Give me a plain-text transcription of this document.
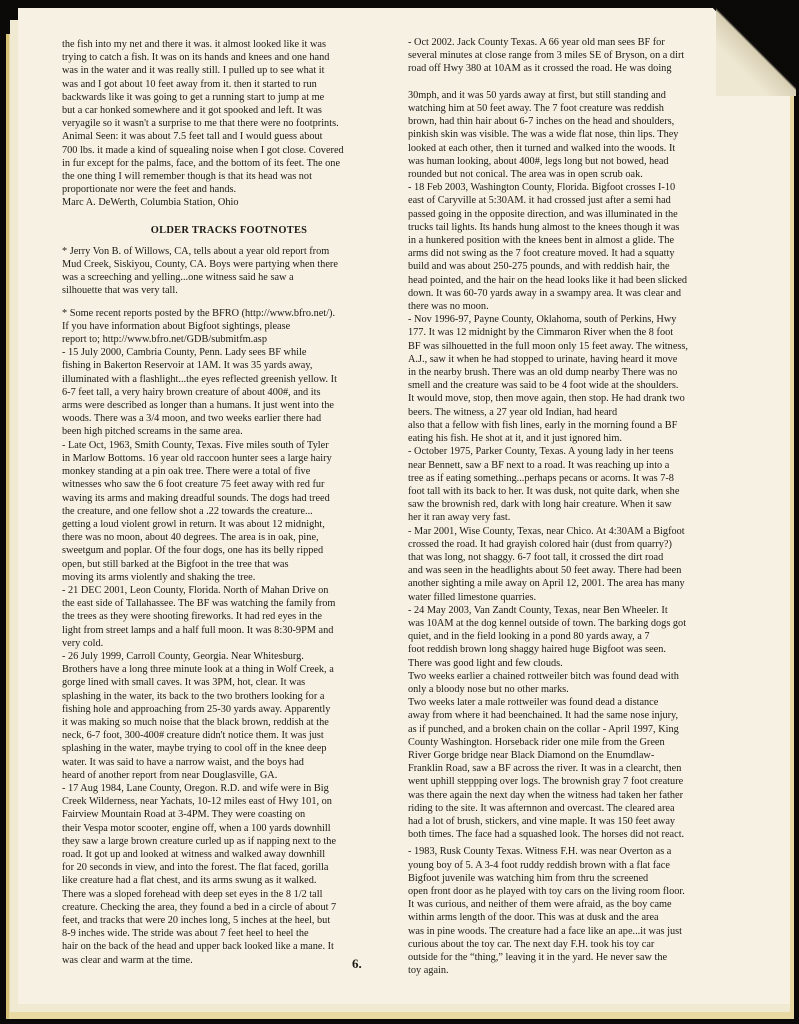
the fish into my net and there it was. it almost looked like it was
trying to catch a fish. It was on its hands and knees and one hand
was in the water and it was really still. I pulled up to see what it
was and I got about 10 feet away from it. then it started to run
backwards like it was going to get a running start to jump at me
but a car honked somewhere and it got spooked and left. It was
veryagile so it wasn't a surprise to me that there were no footprints.
Animal Seen: it was about 7.5 feet tall and I would guess about
700 lbs. it made a kind of squealing noise when I got close. Covered
in fur except for the palms, face, and the bottom of its feet. The one
the one thing I will remember though is that its head was not
proportionate nor were the feet and hands.
Marc A. DeWerth, Columbia Station, Ohio

OLDER TRACKS FOOTNOTES

* Jerry Von B. of Willows, CA, tells about a year old report from
Mud Creek, Siskiyou, County, CA. Boys were partying when there
was a screeching and yelling...one witness said he saw a
silhouette that was very tall.

* Some recent reports posted by the BFRO (http://www.bfro.net/).
If you have information about Bigfoot sightings, please
report to; http://www.bfro.net/GDB/submitfm.asp
- 15 July 2000, Cambria County, Penn. Lady sees BF while
fishing in Bakerton Reservoir at 1AM. It was 35 yards away,
illuminated with a flashlight...the eyes reflected greenish yellow. It
6-7 feet tall, a very hairy brown creature of about 400#, and its
arms were described as longer than a humans. It just went into the
woods. There was a 3/4 moon, and two weeks earlier there had
been high pitched screams in the same area.
- Late Oct, 1963, Smith County, Texas. Five miles south of Tyler
in Marlow Bottoms. 16 year old raccoon hunter sees a large hairy
monkey standing at a pin oak tree. There were a total of five
witnesses who saw the 6 foot creature 75 feet away with red fur
waving its arms and making dreadful sounds. The dogs had treed
the creature, and one fellow shot a .22 towards the creature...
getting a loud violent growl in return. It was about 12 midnight,
there was no moon, about 40 degrees. The area is in oak, pine,
sweetgum and poplar. Of the four dogs, one has its belly ripped
open, but still barked at the Bigfoot in the tree that was
moving its arms violently and shaking the tree.
- 21 DEC 2001, Leon County, Florida. North of Mahan Drive on
the east side of Tallahassee. The BF was watching the family from
the trees as they were shooting fireworks. It had red eyes in the
light from street lamps and a half full moon. It was 8:30-9PM and
very cold.
- 26 July 1999, Carroll County, Georgia. Near Whitesburg.
Brothers have a long three minute look at a thing in Wolf Creek, a
gorge lined with small caves. It was 3PM, hot, clear. It was
splashing in the water, its back to the two brothers looking for a
fishing hole and approaching from 25-30 yards away. Apparently
it was making so much noise that the black brown, reddish at the
neck, 6-7 foot, 300-400# creature didn't notice them. It was just
splashing in the water, maybe trying to cool off in the knee deep
water. It was said to have a narrow waist, and the boys had
heard of another report from near Douglasville, GA.
- 17 Aug 1984, Lane County, Oregon. R.D. and wife were in Big
Creek Wilderness, near Yachats, 10-12 miles east of Hwy 101, on
Fairview Mountain Road at 3-4PM. They were coasting on
their Vespa motor scooter, engine off, when a 100 yards downhill
they saw a large brown creature curled up as if napping next to the
road. It got up and looked at witness and walked away downhill
for 20 seconds in view, and into the forest. The flat faced, gorilla
like creature had a flat chest, and its arms swung as it walked.
There was a sloped forehead with deep set eyes in the 8 1/2 tall
creature. Checking the area, they found a bed in a circle of about 7
feet, and tracks that were 20 inches long, 5 inches at the heel, but
8-9 inches wide. The stride was about 7 feet heel to heel the
hair on the back of the head and upper back looked like a mane. It
was clear and warm at the time.

- Oct 2002. Jack County Texas. A 66 year old man sees BF for
several minutes at close range from 3 miles SE of Bryson, on a dirt
road off Hwy 380 at 10AM as it crossed the road. He was doing

30mph, and it was 50 yards away at first, but still standing and
watching him at 50 feet away. The 7 foot creature was reddish
brown, had thin hair about 6-7 inches on the head and shoulders,
pinkish skin was visible. The was a wide flat nose, thin lips. They
looked at each other, then it turned and walked into the woods. It
was human looking, about 400#, legs long but not bowed, head
rounded but not conical. The area was in open scrub oak.
- 18 Feb 2003, Washington County, Florida. Bigfoot crosses I-10
east of Caryville at 5:30AM. it had crossed just after a semi had
passed going in the opposite direction, and was illuminated in the
trucks tail lights. Its hands hung almost to the knees though it was
in a hunkered position with the knees bent in almost a glide. The
arms did not swing as the 7 foot creature moved. It had a squatty
build and was about 250-275 pounds, and with reddish hair, the
head pointed, and the hair on the head looks like it had been slicked
down. It was 60-70 yards away in a swampy area. It was clear and
there was no moon.
- Nov 1996-97, Payne County, Oklahoma, south of Perkins, Hwy
177. It was 12 midnight by the Cimmaron River when the 8 foot
BF was silhouetted in the full moon only 15 feet away. The witness,
A.J., saw it when he had stopped to urinate, having heard it move
in the nearby brush. There was an old dump nearby There was no
smell and the creature was said to be 4 foot wide at the shoulders.
It would move, stop, then move again, then stop. He had drank two
beers. The witness, a 27 year old Indian, had heard
also that a fellow with fish lines, early in the morning found a BF
eating his fish. He shot at it, and it just ignored him.
- October 1975, Parker County, Texas. A young lady in her teens
near Bennett, saw a BF next to a road. It was reaching up into a
tree as if eating something...perhaps pecans or acorns. It was 7-8
foot tall with its back to her. It was dusk, not quite dark, when she
saw the brownish red, dark with long hair creature. When it saw
her it ran away very fast.
- Mar 2001, Wise County, Texas, near Chico. At 4:30AM a Bigfoot
crossed the road. It had grayish colored hair (dust from quarry?)
that was long, not shaggy. 6-7 foot tall, it crossed the dirt road
and was seen in the headlights about 50 feet away. There had been
another sighting a mile away on April 12, 2001. The area has many
water filled limestone quarries.
- 24 May 2003, Van Zandt County, Texas, near Ben Wheeler. It
was 10AM at the dog kennel outside of town. The barking dogs got
quiet, and in the field looking in a pond 80 yards away, a 7
foot reddish brown long shaggy haired huge Bigfoot was seen.
There was good light and few clouds.
Two weeks earlier a chained rottweiler bitch was found dead with
only a bloody nose but no other marks.
Two weeks later a male rottweiler was found dead a distance
away from where it had beenchained. It had the same nose injury,
as if punched, and a broken chain on the collar - April 1997, King
County Washington. Horseback rider one mile from the Green
River Gorge bridge near Black Diamond on the Enumdlaw-
Franklin Road, saw a BF across the river. It was in a clearcht, then
went uphill steppping over logs. The brownish gray 7 foot creature
was there again the next day when the witness had taken her father
riding to the site. It was afternnon and overcast. The cleared area
had a lot of brush, stickers, and vine maple. It was 150 feet away
both times. The face had a squashed look. The horses did not react.

- 1983, Rusk County Texas. Witness F.H. was near Overton as a
young boy of 5. A 3-4 foot ruddy reddish brown with a flat face
Bigfoot juvenile was watching him from thru the screened
open front door as he played with toy cars on the living room floor.
It was curious, and neither of them were afraid, as the boy came
within arms length of the door. This was at dusk and the area
was in pine woods. The creature had a face like an ape...it was just
curious about the toy car. The next day F.H. took his toy car
outside for the “thing,” leaving it in the yard. He never saw the
toy again.

6.
